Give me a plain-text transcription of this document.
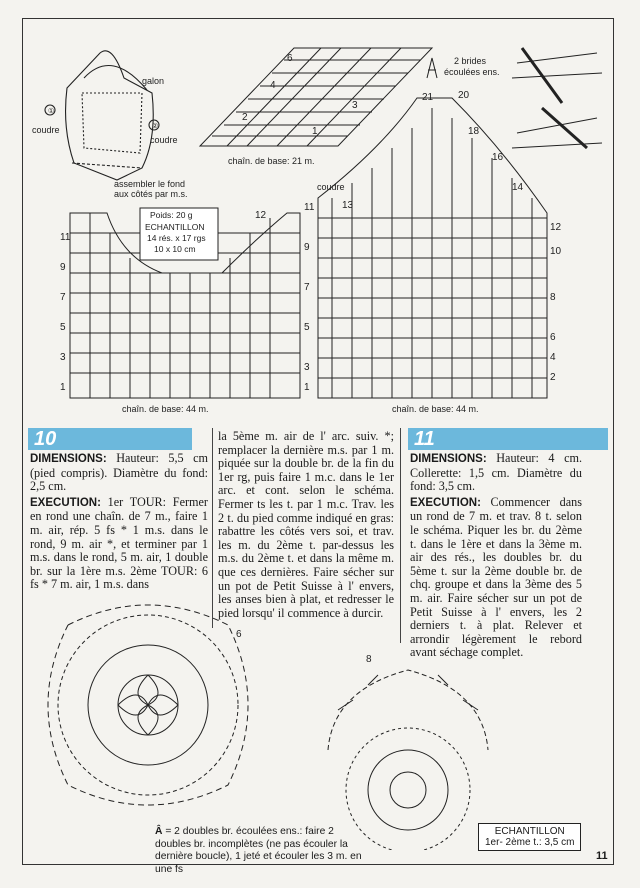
①
②
galon
coudre
coudre
assembler le fond
aux côtés par m.s.
6
4
3
2
1
chaîn. de base: 21 m.
2 brides
écoulées ens.
coudre
21 20
18
16
14
13
12
10
8
6
4
2
11
9
7
5
3
1
chaîn. de base: 44 m.
Poids: 20 g
ECHANTILLON
14 rés. x 17 rgs
10 x 10 cm
12
11
9
7
5
3
1
chaîn. de base: 44 m.
10

DIMENSIONS: Hauteur: 5,5 cm (pied compris). Diamètre du fond: 2,5 cm.

EXECUTION: 1er TOUR: Fermer en rond une chaîn. de 7 m., faire 1 m. air, rép. 5 fs * 1 m.s. dans le rond, 9 m. air *, et terminer par 1 m.s. dans le rond, 5 m. air, 1 double br. sur la 1ère m.s. 2ème TOUR: 6 fs * 7 m. air, 1 m.s. dans

la 5ème m. air de l' arc. suiv. *; remplacer la dernière m.s. par 1 m. piquée sur la double br. de la fin du 1er rg, puis faire 1 m.c. dans le 1er arc. et cont. selon le schéma. Fermer ts les t. par 1 m.c. Trav. les 2 t. du pied comme indiqué en gras: rabattre les côtés vers soi, et trav. les m. du 2ème t. par-dessus les m.s. du 2ème t. et dans la même m. que ces dernières. Faire sécher sur un pot de Petit Suisse à l' envers, les anses bien à plat, et redresser le pied lorsqu' il commence à durcir.

6
Â = 2 doubles br. écoulées ens.: faire 2 doubles br. incomplètes (ne pas écouler la dernière boucle), 1 jeté et écouler les 3 m. en une fs
11

DIMENSIONS: Hauteur: 4 cm. Collerette: 1,5 cm. Diamètre du fond: 3,5 cm.

EXECUTION: Commencer dans un rond de 7 m. et trav. 8 t. selon le schéma. Piquer les br. du 2ème t. dans le 1ère et dans la 3ème m. air des rés., les doubles br. du 5ème t. sur la 2ème double br. de chq. groupe et dans la 3ème des 5 m. air. Faire sécher sur un pot de Petit Suisse à l' envers, les 2 derniers t. à plat. Relever et arrondir légèrement le rebord avant séchage complet.

8
ECHANTILLON
1er- 2ème t.: 3,5 cm
11
